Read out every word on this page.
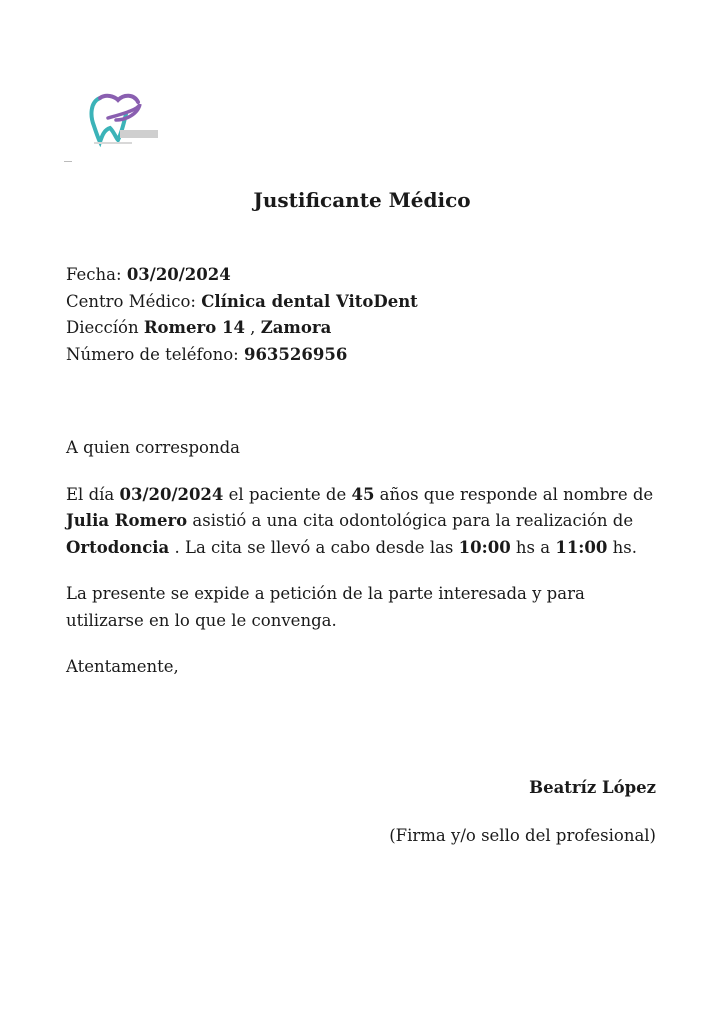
Justificante Médico
Fecha: 03/20/2024
Centro Médico: Clínica dental VitoDent
Dieccíón Romero 14 , Zamora
Número de teléfono: 963526956

A quien corresponda

El día 03/20/2024 el paciente de 45 años que responde al nombre de Julia Romero asistió a una cita odontológica para la realización de Ortodoncia . La cita se llevó a cabo desde las 10:00 hs a 11:00 hs.

La presente se expide a petición de la parte interesada y para utilizarse en lo que le convenga.

Atentamente,

Beatríz López
(Firma y/o sello del profesional)
